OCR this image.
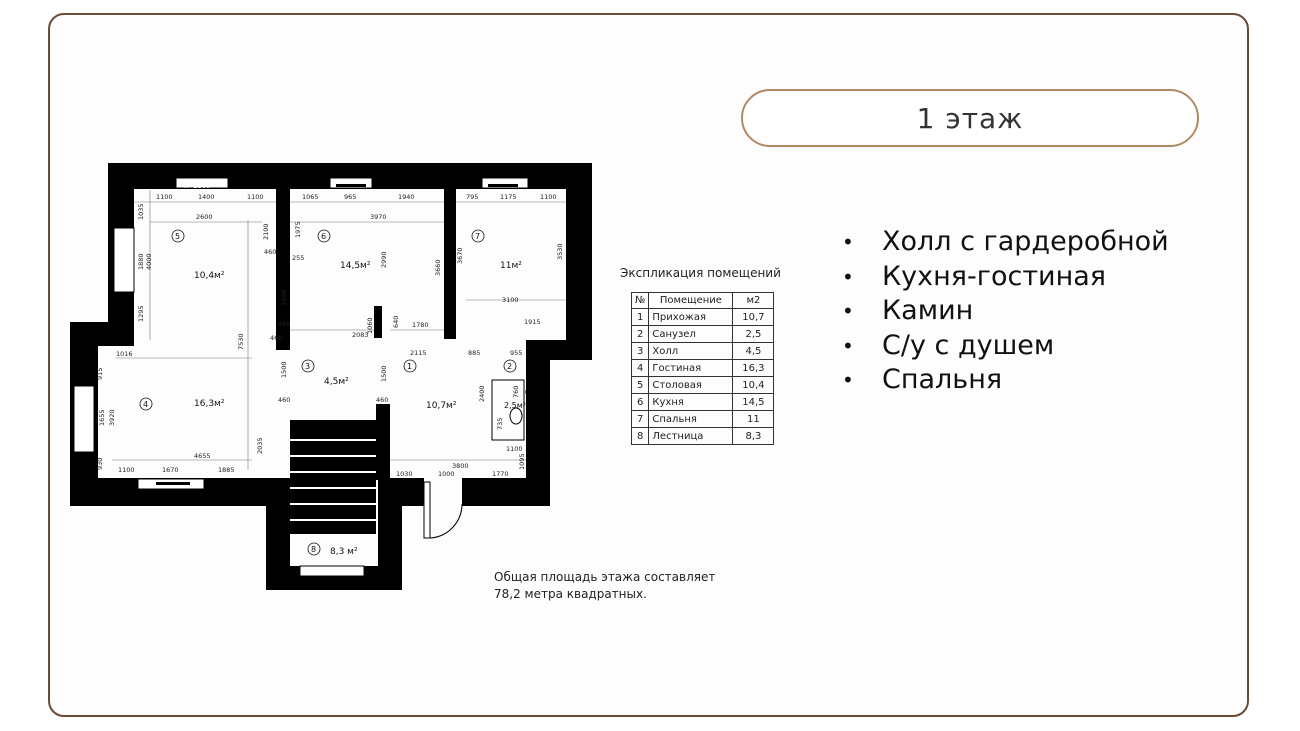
1 этаж
• Холл с гардеробной
• Кухня-гостиная
• Камин
• С/у с душем
• Спальня
1100	1400	1100	1065	965	1940	795	1175	1100
2600	3970
h=2500
3100
1915
2083
1780
1016	2115	885	955
4655
1100	1670	1885	3800
1030	1000	1770
1100
1035
1880 4000
1295
7530
2100	1975
2990	3660
3670	3530
1500
1060	640
915
3920
1655
930
1500	1500
2400	760
735
2035
1095
460
460
460	460
255
460
5
10,4м²
6
14,5м²
7
11м²
4	16,3м²
3
4,5м²
1
10,7м²
2
2,5м²
8 8,3 м²
Экспликация помещений
№	Помещение	м2
1	Прихожая	10,7
2	Санузел	2,5
3	Холл	4,5
4	Гостиная	16,3
5	Столовая	10,4
6	Кухня	14,5
7	Спальня	11
8	Лестница	8,3
Общая площадь этажа составляет
78,2 метра квадратных.
